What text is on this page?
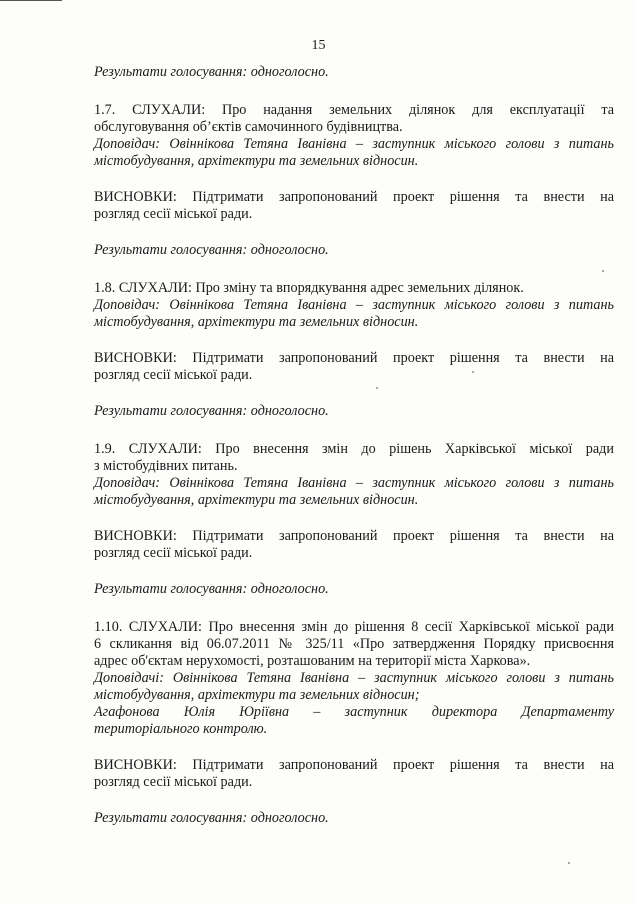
15

Результати голосування: одноголосно.

1.7. СЛУХАЛИ: Про надання земельних ділянок для експлуатації та
обслуговування об’єктів самочинного будівництва.
Доповідач: Овіннікова Тетяна Іванівна – заступник міського голови з питань
містобудування, архітектури та земельних відносин.
ВИСНОВКИ: Підтримати запропонований проект рішення та внести на
розгляд сесії міської ради.

Результати голосування: одноголосно.

1.8. СЛУХАЛИ: Про зміну та впорядкування адрес земельних ділянок.
Доповідач: Овіннікова Тетяна Іванівна – заступник міського голови з питань
містобудування, архітектури та земельних відносин.
ВИСНОВКИ: Підтримати запропонований проект рішення та внести на
розгляд сесії міської ради.

Результати голосування: одноголосно.

1.9. СЛУХАЛИ: Про внесення змін до рішень Харківської міської ради
з містобудівних питань.
Доповідач: Овіннікова Тетяна Іванівна – заступник міського голови з питань
містобудування, архітектури та земельних відносин.
ВИСНОВКИ: Підтримати запропонований проект рішення та внести на
розгляд сесії міської ради.

Результати голосування: одноголосно.

1.10. СЛУХАЛИ: Про внесення змін до рішення 8 сесії Харківської міської ради
6 скликання від 06.07.2011 № 325/11 «Про затвердження Порядку присвоєння
адрес об'єктам нерухомості, розташованим на території міста Харкова».
Доповідачі: Овіннікова Тетяна Іванівна – заступник міського голови з питань
містобудування, архітектури та земельних відносин;
Агафонова Юлія Юріївна – заступник директора Департаменту
територіального контролю.
ВИСНОВКИ: Підтримати запропонований проект рішення та внести на
розгляд сесії міської ради.

Результати голосування: одноголосно.
